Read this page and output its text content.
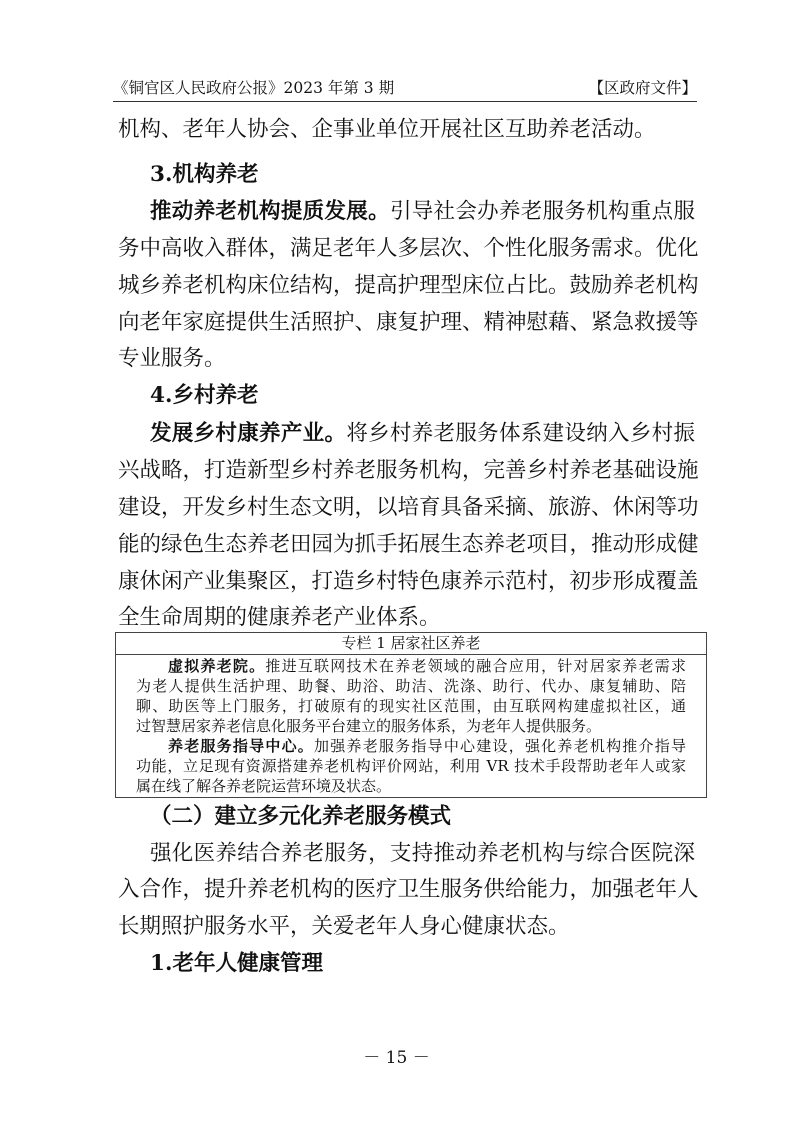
《铜官区人民政府公报》2023 年第 3 期	【区政府文件】
专栏 1 居家社区养老
虚拟养老院。推进互联网技术在养老领域的融合应用，针对居家养老需求
为老人提供生活护理、助餐、助浴、助洁、洗涤、助行、代办、康复辅助、陪
聊、助医等上门服务，打破原有的现实社区范围，由互联网构建虚拟社区，通
过智慧居家养老信息化服务平台建立的服务体系，为老年人提供服务。
养老服务指导中心。加强养老服务指导中心建设，强化养老机构推介指导
功能，立足现有资源搭建养老机构评价网站，利用 VR 技术手段帮助老年人或家
属在线了解各养老院运营环境及状态。
－ 15 －
机构、老年人协会、企事业单位开展社区互助养老活动。
3.机构养老
推动养老机构提质发展。引导社会办养老服务机构重点服
务中高收入群体，满足老年人多层次、个性化服务需求。优化
城乡养老机构床位结构，提高护理型床位占比。鼓励养老机构
向老年家庭提供生活照护、康复护理、精神慰藉、紧急救援等
专业服务。
4.乡村养老
发展乡村康养产业。将乡村养老服务体系建设纳入乡村振
兴战略，打造新型乡村养老服务机构，完善乡村养老基础设施
建设，开发乡村生态文明，以培育具备采摘、旅游、休闲等功
能的绿色生态养老田园为抓手拓展生态养老项目，推动形成健
康休闲产业集聚区，打造乡村特色康养示范村，初步形成覆盖
全生命周期的健康养老产业体系。
（二）建立多元化养老服务模式
强化医养结合养老服务，支持推动养老机构与综合医院深
入合作，提升养老机构的医疗卫生服务供给能力，加强老年人
长期照护服务水平，关爱老年人身心健康状态。
1.老年人健康管理
